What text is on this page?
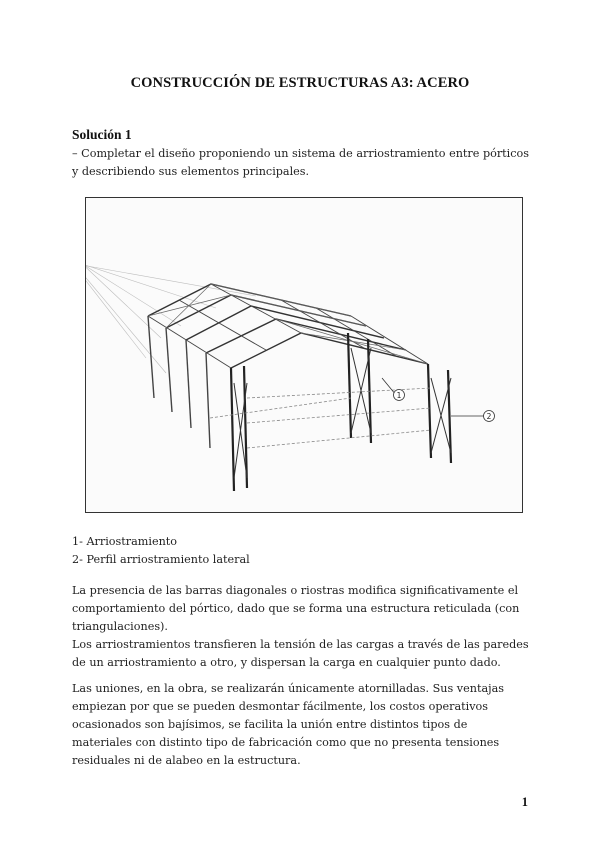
CONSTRUCCIÓN DE ESTRUCTURAS A3: ACERO
Solución 1
– Completar el diseño proponiendo un sistema de arriostramiento entre pórticos y describiendo sus elementos principales.
1
2

1- Arriostramiento

2- Perfil arriostramiento lateral

La presencia de las barras diagonales o riostras modifica significativamente el comportamiento del pórtico, dado que se forma una estructura reticulada (con triangulaciones).

Los arriostramientos transfieren la tensión de las cargas a través de las paredes de un arriostramiento a otro, y dispersan la carga en cualquier punto dado.

Las uniones, en la obra, se realizarán únicamente atornilladas. Sus ventajas empiezan por que se pueden desmontar fácilmente, los costos operativos ocasionados son bajísimos, se facilita la unión entre distintos tipos de materiales con distinto tipo de fabricación como que no presenta tensiones residuales ni de alabeo en la estructura.

1
